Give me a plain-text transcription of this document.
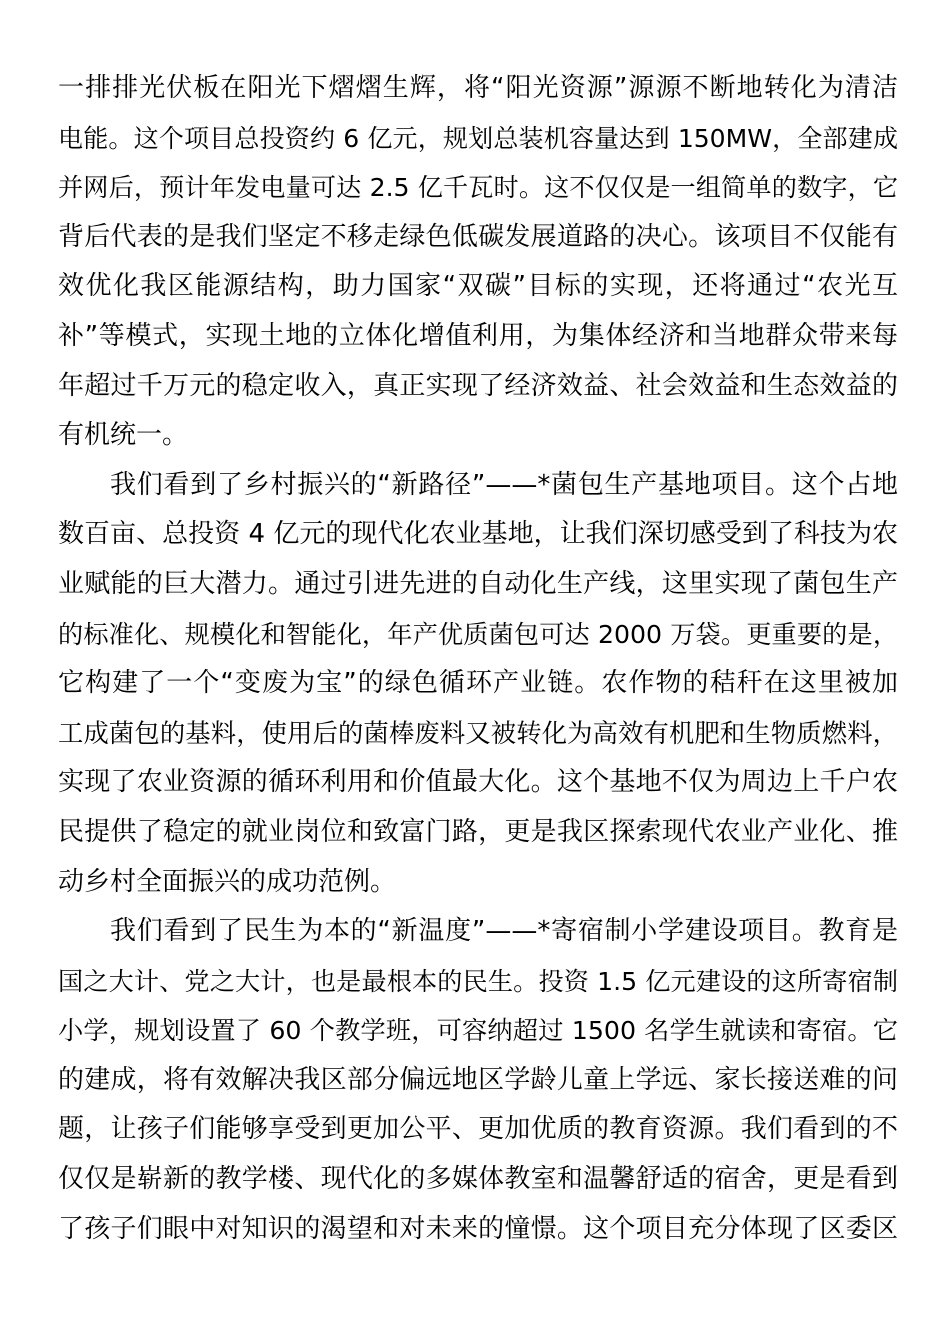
一排排光伏板在阳光下熠熠生辉，将“阳光资源”源源不断地转化为清洁
电能。这个项目总投资约 6 亿元，规划总装机容量达到 150MW，全部建成
并网后，预计年发电量可达 2.5 亿千瓦时。这不仅仅是一组简单的数字，它
背后代表的是我们坚定不移走绿色低碳发展道路的决心。该项目不仅能有
效优化我区能源结构，助力国家“双碳”目标的实现，还将通过“农光互
补”等模式，实现土地的立体化增值利用，为集体经济和当地群众带来每
年超过千万元的稳定收入，真正实现了经济效益、社会效益和生态效益的
有机统一。
我们看到了乡村振兴的“新路径”——*菌包生产基地项目。这个占地
数百亩、总投资 4 亿元的现代化农业基地，让我们深切感受到了科技为农
业赋能的巨大潜力。通过引进先进的自动化生产线，这里实现了菌包生产
的标准化、规模化和智能化，年产优质菌包可达 2000 万袋。更重要的是，
它构建了一个“变废为宝”的绿色循环产业链。农作物的秸秆在这里被加
工成菌包的基料，使用后的菌棒废料又被转化为高效有机肥和生物质燃料，
实现了农业资源的循环利用和价值最大化。这个基地不仅为周边上千户农
民提供了稳定的就业岗位和致富门路，更是我区探索现代农业产业化、推
动乡村全面振兴的成功范例。
我们看到了民生为本的“新温度”——*寄宿制小学建设项目。教育是
国之大计、党之大计，也是最根本的民生。投资 1.5 亿元建设的这所寄宿制
小学，规划设置了 60 个教学班，可容纳超过 1500 名学生就读和寄宿。它
的建成，将有效解决我区部分偏远地区学龄儿童上学远、家长接送难的问
题，让孩子们能够享受到更加公平、更加优质的教育资源。我们看到的不
仅仅是崭新的教学楼、现代化的多媒体教室和温馨舒适的宿舍，更是看到
了孩子们眼中对知识的渴望和对未来的憧憬。这个项目充分体现了区委区
